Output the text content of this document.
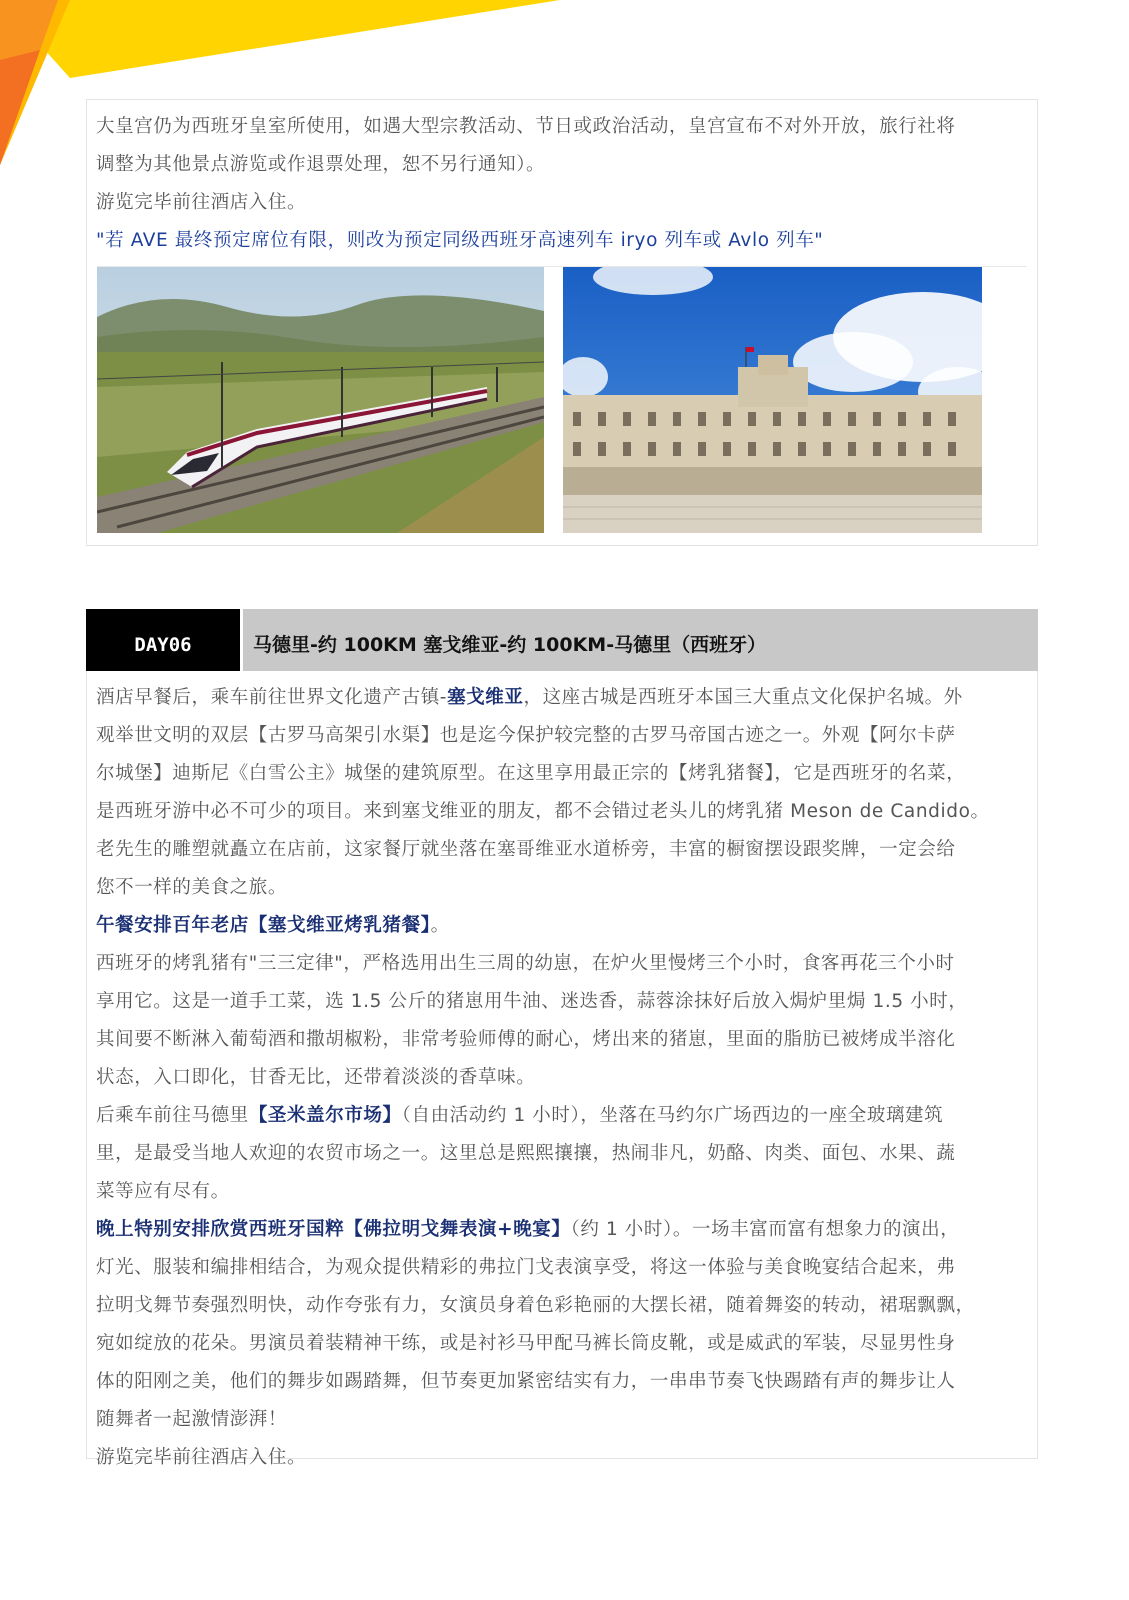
大皇宫仍为西班牙皇室所使用，如遇大型宗教活动、节日或政治活动，皇宫宣布不对外开放，旅行社将

调整为其他景点游览或作退票处理，恕不另行通知）。

游览完毕前往酒店入住。

"若 AVE 最终预定席位有限，则改为预定同级西班牙高速列车 iryo 列车或 Avlo 列车"

DAY06	马德里-约 100KM 塞戈维亚-约 100KM-马德里（西班牙）

酒店早餐后，乘车前往世界文化遗产古镇-塞戈维亚，这座古城是西班牙本国三大重点文化保护名城。外

观举世文明的双层【古罗马高架引水渠】也是迄今保护较完整的古罗马帝国古迹之一。外观【阿尔卡萨

尔城堡】迪斯尼《白雪公主》城堡的建筑原型。在这里享用最正宗的【烤乳猪餐】，它是西班牙的名菜，

是西班牙游中必不可少的项目。来到塞戈维亚的朋友，都不会错过老头儿的烤乳猪 Meson de Candido。

老先生的雕塑就矗立在店前，这家餐厅就坐落在塞哥维亚水道桥旁，丰富的橱窗摆设跟奖牌，一定会给

您不一样的美食之旅。

午餐安排百年老店【塞戈维亚烤乳猪餐】。

西班牙的烤乳猪有"三三定律"，严格选用出生三周的幼崽，在炉火里慢烤三个小时，食客再花三个小时

享用它。这是一道手工菜，选 1.5 公斤的猪崽用牛油、迷迭香，蒜蓉涂抹好后放入焗炉里焗 1.5 小时，

其间要不断淋入葡萄酒和撒胡椒粉，非常考验师傅的耐心，烤出来的猪崽，里面的脂肪已被烤成半溶化

状态，入口即化，甘香无比，还带着淡淡的香草味。

后乘车前往马德里【圣米盖尔市场】（自由活动约 1 小时），坐落在马约尔广场西边的一座全玻璃建筑

里，是最受当地人欢迎的农贸市场之一。这里总是熙熙攘攘，热闹非凡，奶酪、肉类、面包、水果、蔬

菜等应有尽有。

晚上特别安排欣赏西班牙国粹【佛拉明戈舞表演+晚宴】（约 1 小时）。一场丰富而富有想象力的演出，

灯光、服装和编排相结合，为观众提供精彩的弗拉门戈表演享受，将这一体验与美食晚宴结合起来，弗

拉明戈舞节奏强烈明快，动作夸张有力，女演员身着色彩艳丽的大摆长裙，随着舞姿的转动，裙琚飘飘，

宛如绽放的花朵。男演员着装精神干练，或是衬衫马甲配马裤长筒皮靴，或是威武的军装，尽显男性身

体的阳刚之美，他们的舞步如踢踏舞，但节奏更加紧密结实有力，一串串节奏飞快踢踏有声的舞步让人

随舞者一起激情澎湃！

游览完毕前往酒店入住。
